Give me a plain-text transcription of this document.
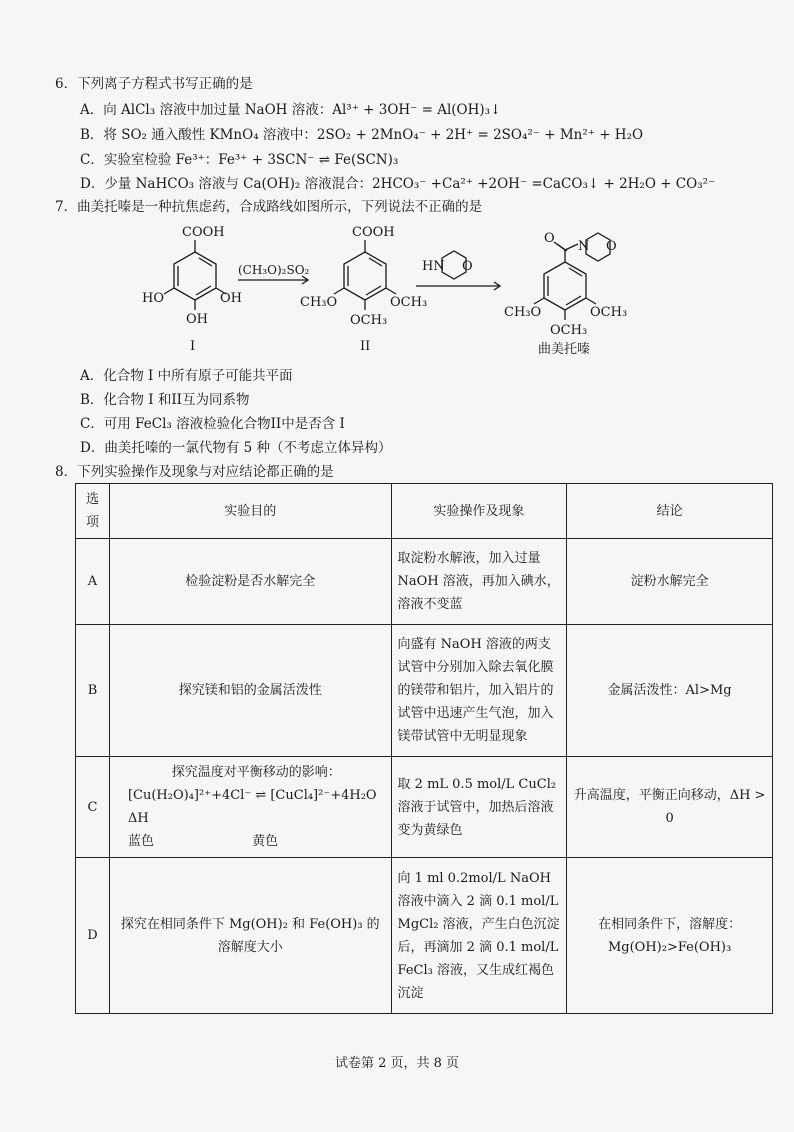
6．下列离子方程式书写正确的是
A．向 AlCl₃ 溶液中加过量 NaOH 溶液：Al³⁺ + 3OH⁻ = Al(OH)₃↓
B．将 SO₂ 通入酸性 KMnO₄ 溶液中：2SO₂ + 2MnO₄⁻ + 2H⁺ = 2SO₄²⁻ + Mn²⁺ + H₂O
C．实验室检验 Fe³⁺：Fe³⁺ + 3SCN⁻ ⇌ Fe(SCN)₃
D．少量 NaHCO₃ 溶液与 Ca(OH)₂ 溶液混合：2HCO₃⁻ +Ca²⁺ +2OH⁻ =CaCO₃↓ + 2H₂O + CO₃²⁻
7．曲美托嗪是一种抗焦虑药，合成路线如图所示，下列说法不正确的是
COOH
HO	OH
OH
I
(CH₃O)₂SO₂
COOH
CH₃O	OCH₃
OCH₃
II
HN O
O
N O
CH₃O	OCH₃
OCH₃
曲美托嗪
A．化合物 I 中所有原子可能共平面
B．化合物 I 和II互为同系物
C．可用 FeCl₃ 溶液检验化合物II中是否含 I
D．曲美托嗪的一氯代物有 5 种（不考虑立体异构）
8．下列实验操作及现象与对应结论都正确的是
选项	实验目的	实验操作及现象	结论
A	检验淀粉是否水解完全	取淀粉水解液，加入过量NaOH 溶液，再加入碘水，溶液不变蓝	淀粉水解完全
B	探究镁和铝的金属活泼性	向盛有 NaOH 溶液的两支试管中分别加入除去氧化膜的镁带和铝片，加入铝片的试管中迅速产生气泡，加入镁带试管中无明显现象	金属活泼性：Al>Mg
C	探究温度对平衡移动的影响：
[Cu(H₂O)₄]²⁺+4Cl⁻ ⇌ [CuCl₄]²⁻+4H₂O ΔH
蓝色 黄色	取 2 mL 0.5 mol/L CuCl₂ 溶液于试管中，加热后溶液变为黄绿色	升高温度，平衡正向移动，ΔH > 0
D	探究在相同条件下 Mg(OH)₂ 和 Fe(OH)₃ 的溶解度大小	向 1 ml 0.2mol/L NaOH 溶液中滴入 2 滴 0.1 mol/L MgCl₂ 溶液，产生白色沉淀后，再滴加 2 滴 0.1 mol/L FeCl₃ 溶液，又生成红褐色沉淀	在相同条件下，溶解度：Mg(OH)₂>Fe(OH)₃
试卷第 2 页，共 8 页
